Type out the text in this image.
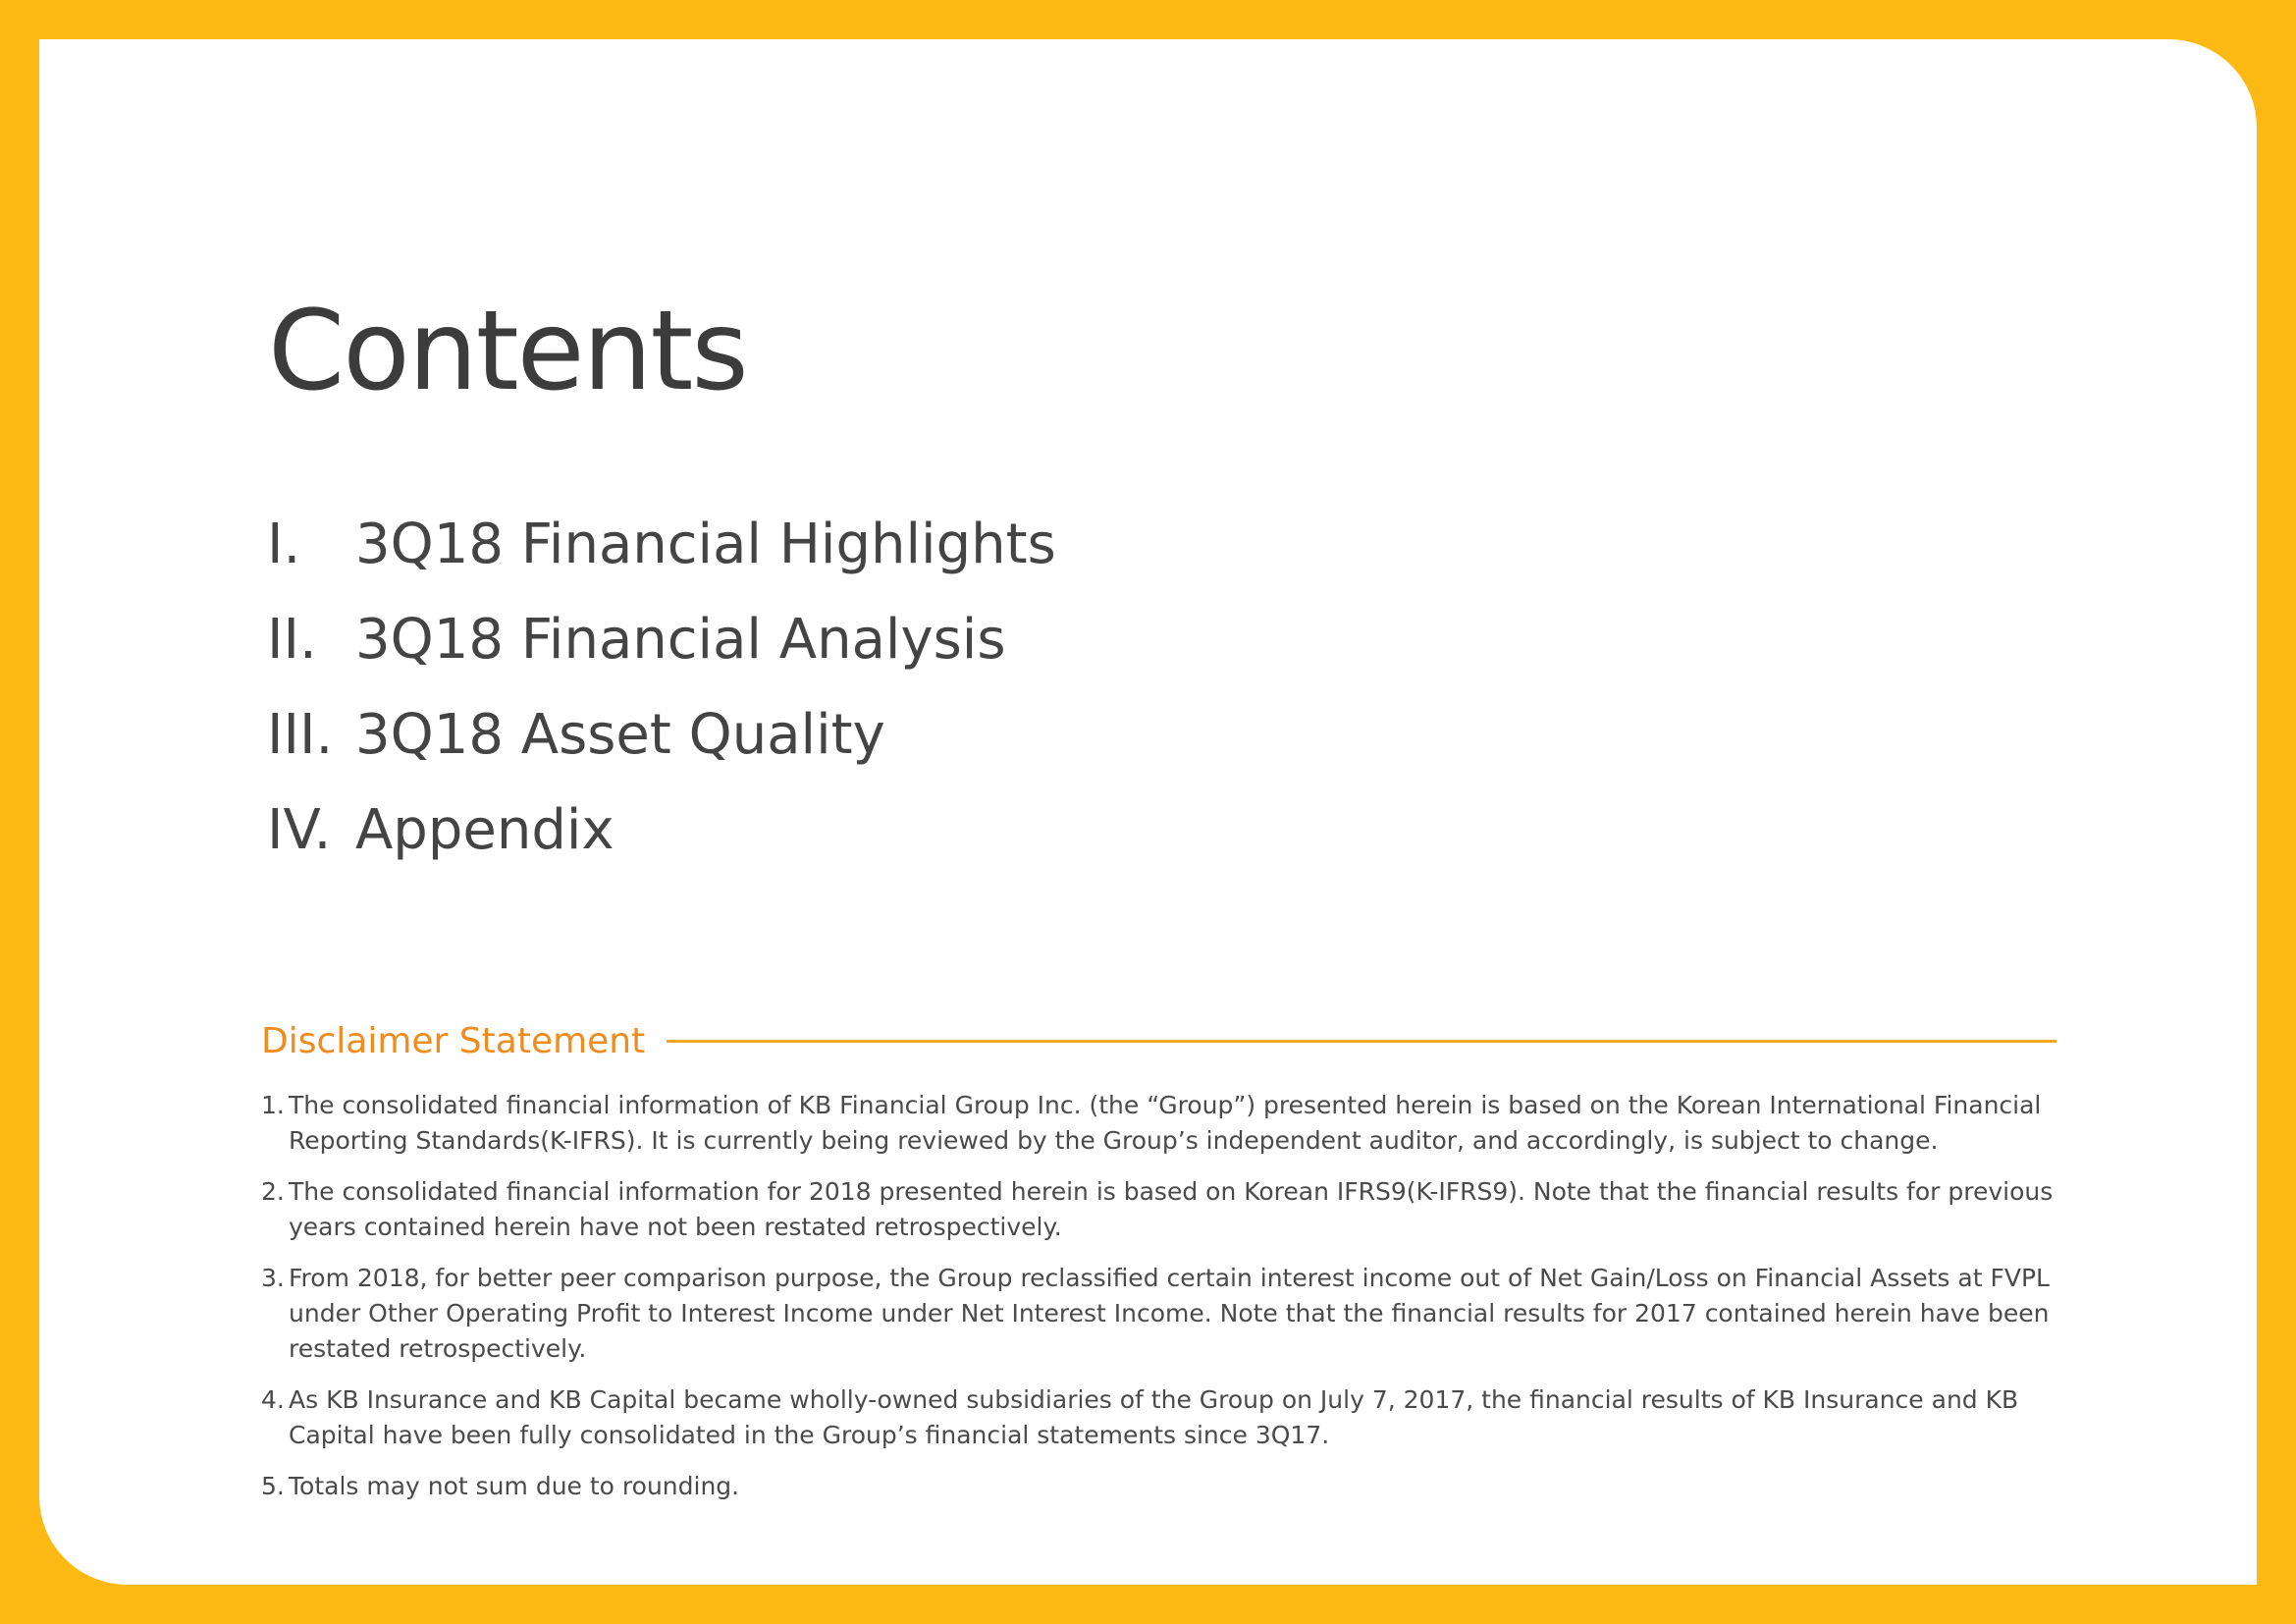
Contents
I. 3Q18 Financial Highlights
II. 3Q18 Financial Analysis
III. 3Q18 Asset Quality
IV. Appendix
Disclaimer Statement
1. The consolidated financial information of KB Financial Group Inc. (the “Group”) presented herein is based on the Korean International Financial Reporting Standards(K-IFRS). It is currently being reviewed by the Group’s independent auditor, and accordingly, is subject to change.
2. The consolidated financial information for 2018 presented herein is based on Korean IFRS9(K-IFRS9). Note that the financial results for previous years contained herein have not been restated retrospectively.
3. From 2018, for better peer comparison purpose, the Group reclassified certain interest income out of Net Gain/Loss on Financial Assets at FVPL under Other Operating Profit to Interest Income under Net Interest Income. Note that the financial results for 2017 contained herein have been restated retrospectively.
4. As KB Insurance and KB Capital became wholly-owned subsidiaries of the Group on July 7, 2017, the financial results of KB Insurance and KB Capital have been fully consolidated in the Group’s financial statements since 3Q17.
5. Totals may not sum due to rounding.
